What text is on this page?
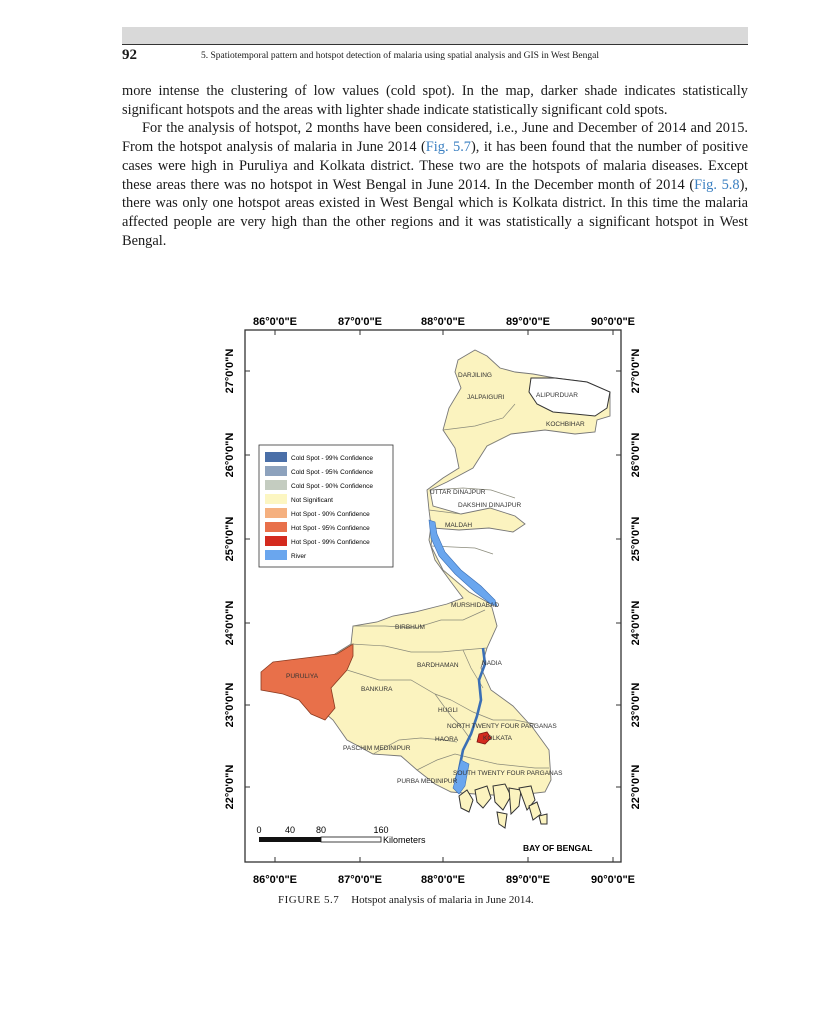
92	5. Spatiotemporal pattern and hotspot detection of malaria using spatial analysis and GIS in West Bengal

more intense the clustering of low values (cold spot). In the map, darker shade indicates statistically significant hotspots and the areas with lighter shade indicate statistically significant cold spots.

For the analysis of hotspot, 2 months have been considered, i.e., June and December of 2014 and 2015. From the hotspot analysis of malaria in June 2014 (Fig. 5.7), it has been found that the number of positive cases were high in Puruliya and Kolkata district. These two are the hotspots of malaria diseases. Except these areas there was no hotspot in West Bengal in June 2014. In the December month of 2014 (Fig. 5.8), there was only one hotspot areas existed in West Bengal which is Kolkata district. In this time the malaria affected people are very high than the other regions and it was statistically a significant hotspot in West Bengal.

86°0'0"E	87°0'0"E	88°0'0"E	89°0'0"E	90°0'0"E
86°0'0"E	87°0'0"E	88°0'0"E	89°0'0"E	90°0'0"E
27°0'0"N
26°0'0"N
25°0'0"N
24°0'0"N
23°0'0"N
22°0'0"N
27°0'0"N
26°0'0"N
25°0'0"N
24°0'0"N
23°0'0"N
22°0'0"N
DARJILING
JALPAIGURI	ALIPURDUAR
KOCHBIHAR
UTTAR DINAJPUR
DAKSHIN DINAJPUR
MALDAH
MURSHIDABAD
BIRBHUM
BARDHAMAN	NADIA
PURULIYA
BANKURA
HUGLI
NORTH TWENTY FOUR PARGANAS
HAORA	KOLKATA
PASCHIM MEDINIPUR
SOUTH TWENTY FOUR PARGANAS
PURBA MEDINIPUR
Cold Spot - 99% Confidence
Cold Spot - 95% Confidence
Cold Spot - 90% Confidence
Not Significant
Hot Spot - 90% Confidence
Hot Spot - 95% Confidence
Hot Spot - 99% Confidence
River
0	40 80	160
Kilometers
BAY OF BENGAL
FIGURE 5.7 Hotspot analysis of malaria in June 2014.
